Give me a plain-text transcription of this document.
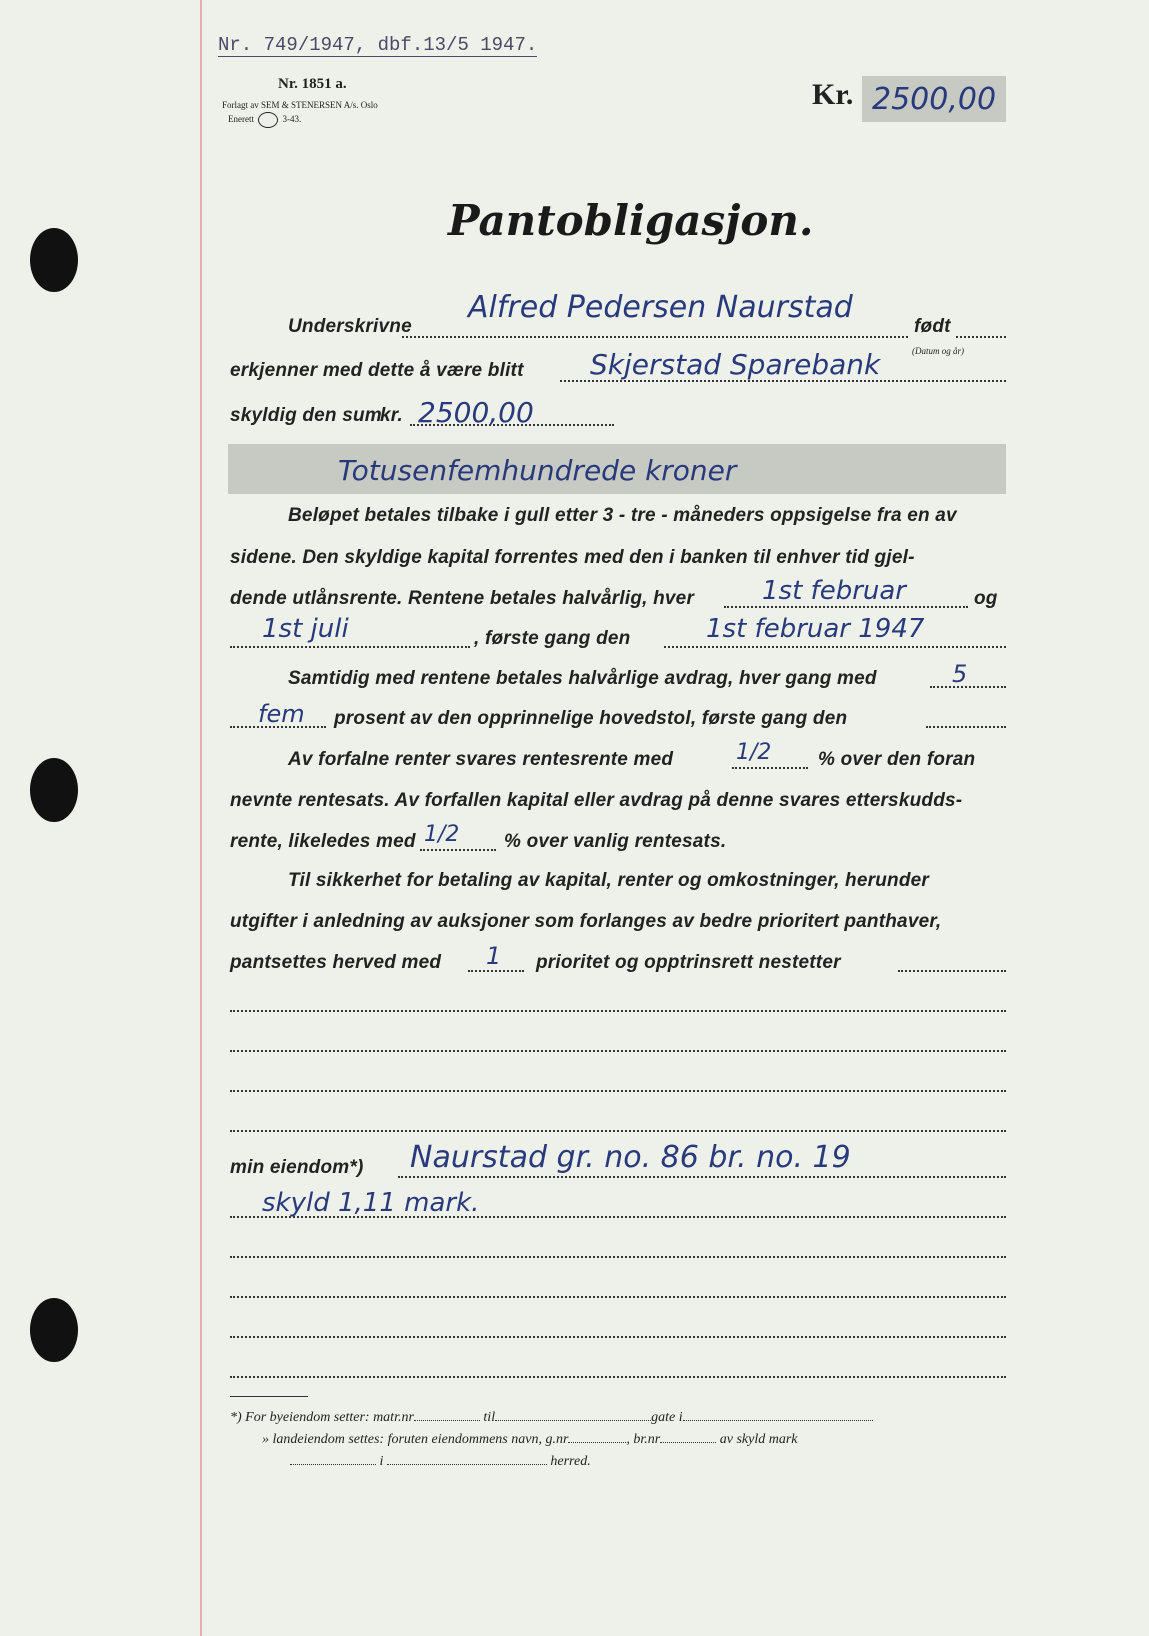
Nr. 749/1947, dbf.13/5 1947.
Nr. 1851 a.
Forlagt av SEM & STENERSEN A/s. Oslo
Enerett	3-43.
Kr. 2500,00
Pantobligasjon.
Underskrivne
Alfred Pedersen Naurstad
født
(Datum og år)
erkjenner med dette å være blitt Skjerstad Sparebank
skyldig den sum
kr. 2500,00
Totusenfemhundrede kroner
Beløpet betales tilbake i gull etter 3 - tre - måneders oppsigelse fra en av
sidene. Den skyldige kapital forrentes med den i banken til enhver tid gjel-
dende utlånsrente. Rentene betales halvårlig, hver	1st februar	og
1st juli	, første gang den	1st februar 1947
Samtidig med rentene betales halvårlige avdrag, hver gang med	5
fem prosent av den opprinnelige hovedstol, første gang den
Av forfalne renter svares rentesrente med	1/2 % over den foran
nevnte rentesats. Av forfallen kapital eller avdrag på denne svares etterskudds-
rente, likeledes med 1/2 % over vanlig rentesats.
Til sikkerhet for betaling av kapital, renter og omkostninger, herunder
utgifter i anledning av auksjoner som forlanges av bedre prioritert panthaver,
pantsettes herved med 1 prioritet og opptrinsrett nestetter
min eiendom*) Naurstad gr. no. 86 br. no. 19
skyld 1,11 mark.
*) For byeiendom setter: matr.nr	til	gate i
» landeiendom settes: foruten eiendommens navn, g.nr	, br.nr	av skyld mark
i	herred.
